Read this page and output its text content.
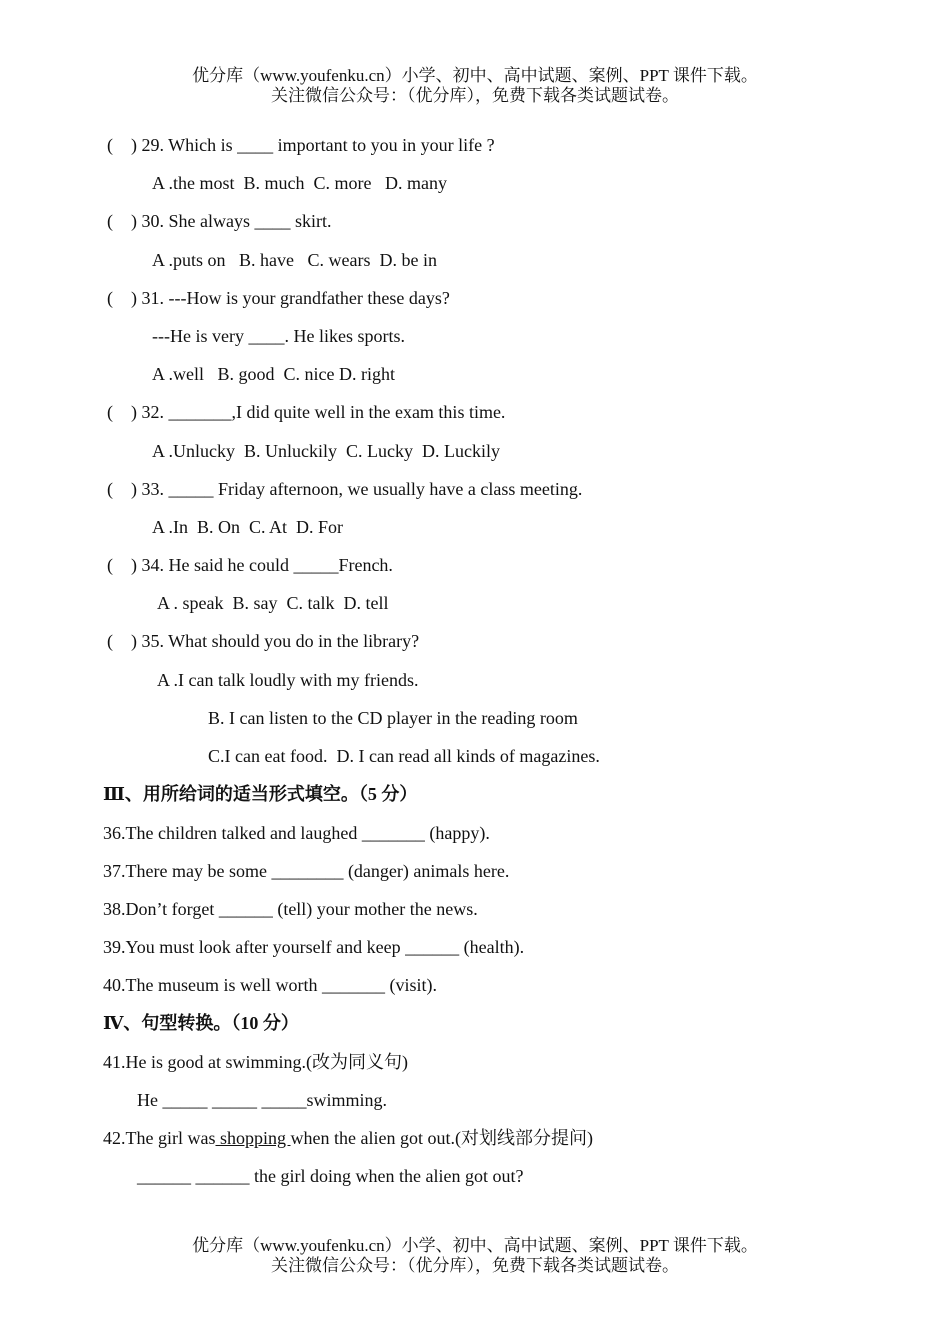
优分库（www.youfenku.cn）小学、初中、高中试题、案例、PPT 课件下载。
关注微信公众号：（优分库），免费下载各类试题试卷。
(    ) 29. Which is ____ important to you in your life ?
A .the most  B. much  C. more   D. many
(    ) 30. She always ____ skirt.
A .puts on   B. have   C. wears  D. be in
(    ) 31. ---How is your grandfather these days?
---He is very ____. He likes sports.
A .well   B. good  C. nice D. right
(    ) 32. _______,I did quite well in the exam this time.
A .Unlucky  B. Unluckily  C. Lucky  D. Luckily
(    ) 33. _____ Friday afternoon, we usually have a class meeting.
A .In  B. On  C. At  D. For
(    ) 34. He said he could _____French.
A . speak  B. say  C. talk  D. tell
(    ) 35. What should you do in the library?
A .I can talk loudly with my friends.
B. I can listen to the CD player in the reading room
C.I can eat food.  D. I can read all kinds of magazines.
Ⅲ、用所给词的适当形式填空。（5 分）
36.The children talked and laughed _______ (happy).
37.There may be some ________ (danger) animals here.
38.Don’t forget ______ (tell) your mother the news.
39.You must look after yourself and keep ______ (health).
40.The museum is well worth _______ (visit).
Ⅳ、句型转换。（10 分）
41.He is good at swimming.(改为同义句)
He _____ _____ _____swimming.
42.The girl was shopping when the alien got out.(对划线部分提问)
______ ______ the girl doing when the alien got out?
优分库（www.youfenku.cn）小学、初中、高中试题、案例、PPT 课件下载。
关注微信公众号：（优分库），免费下载各类试题试卷。
